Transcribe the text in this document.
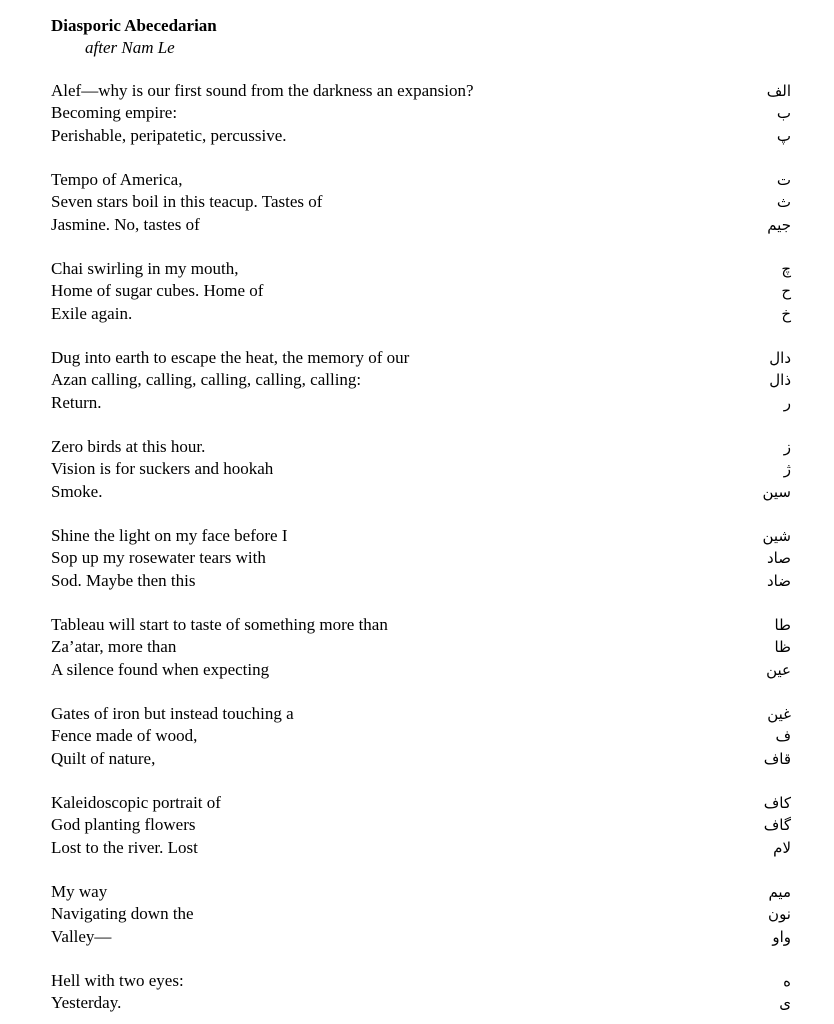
Diasporic Abecedarian
after Nam Le
Alef—why is our first sound from the darkness an expansion?	الف
Becoming empire:	ب
Perishable, peripatetic, percussive.	پ
Tempo of America,	ت
Seven stars boil in this teacup. Tastes of	ث
Jasmine. No, tastes of	جيم
Chai swirling in my mouth,	چ
Home of sugar cubes. Home of	ح
Exile again.	خ
Dug into earth to escape the heat, the memory of our	دال
Azan calling, calling, calling, calling, calling:	ذال
Return.	ر
Zero birds at this hour.	ز
Vision is for suckers and hookah	ژ
Smoke.	سين
Shine the light on my face before I	شين
Sop up my rosewater tears with	صاد
Sod. Maybe then this	ضاد
Tableau will start to taste of something more than	طا
Za’atar, more than	ظا
A silence found when expecting	عين
Gates of iron but instead touching a	غين
Fence made of wood,	ف
Quilt of nature,	قاف
Kaleidoscopic portrait of	كاف
God planting flowers	گاف
Lost to the river. Lost	لام
My way	ميم
Navigating down the	نون
Valley—	واو
Hell with two eyes:	ه
Yesterday.	ى
